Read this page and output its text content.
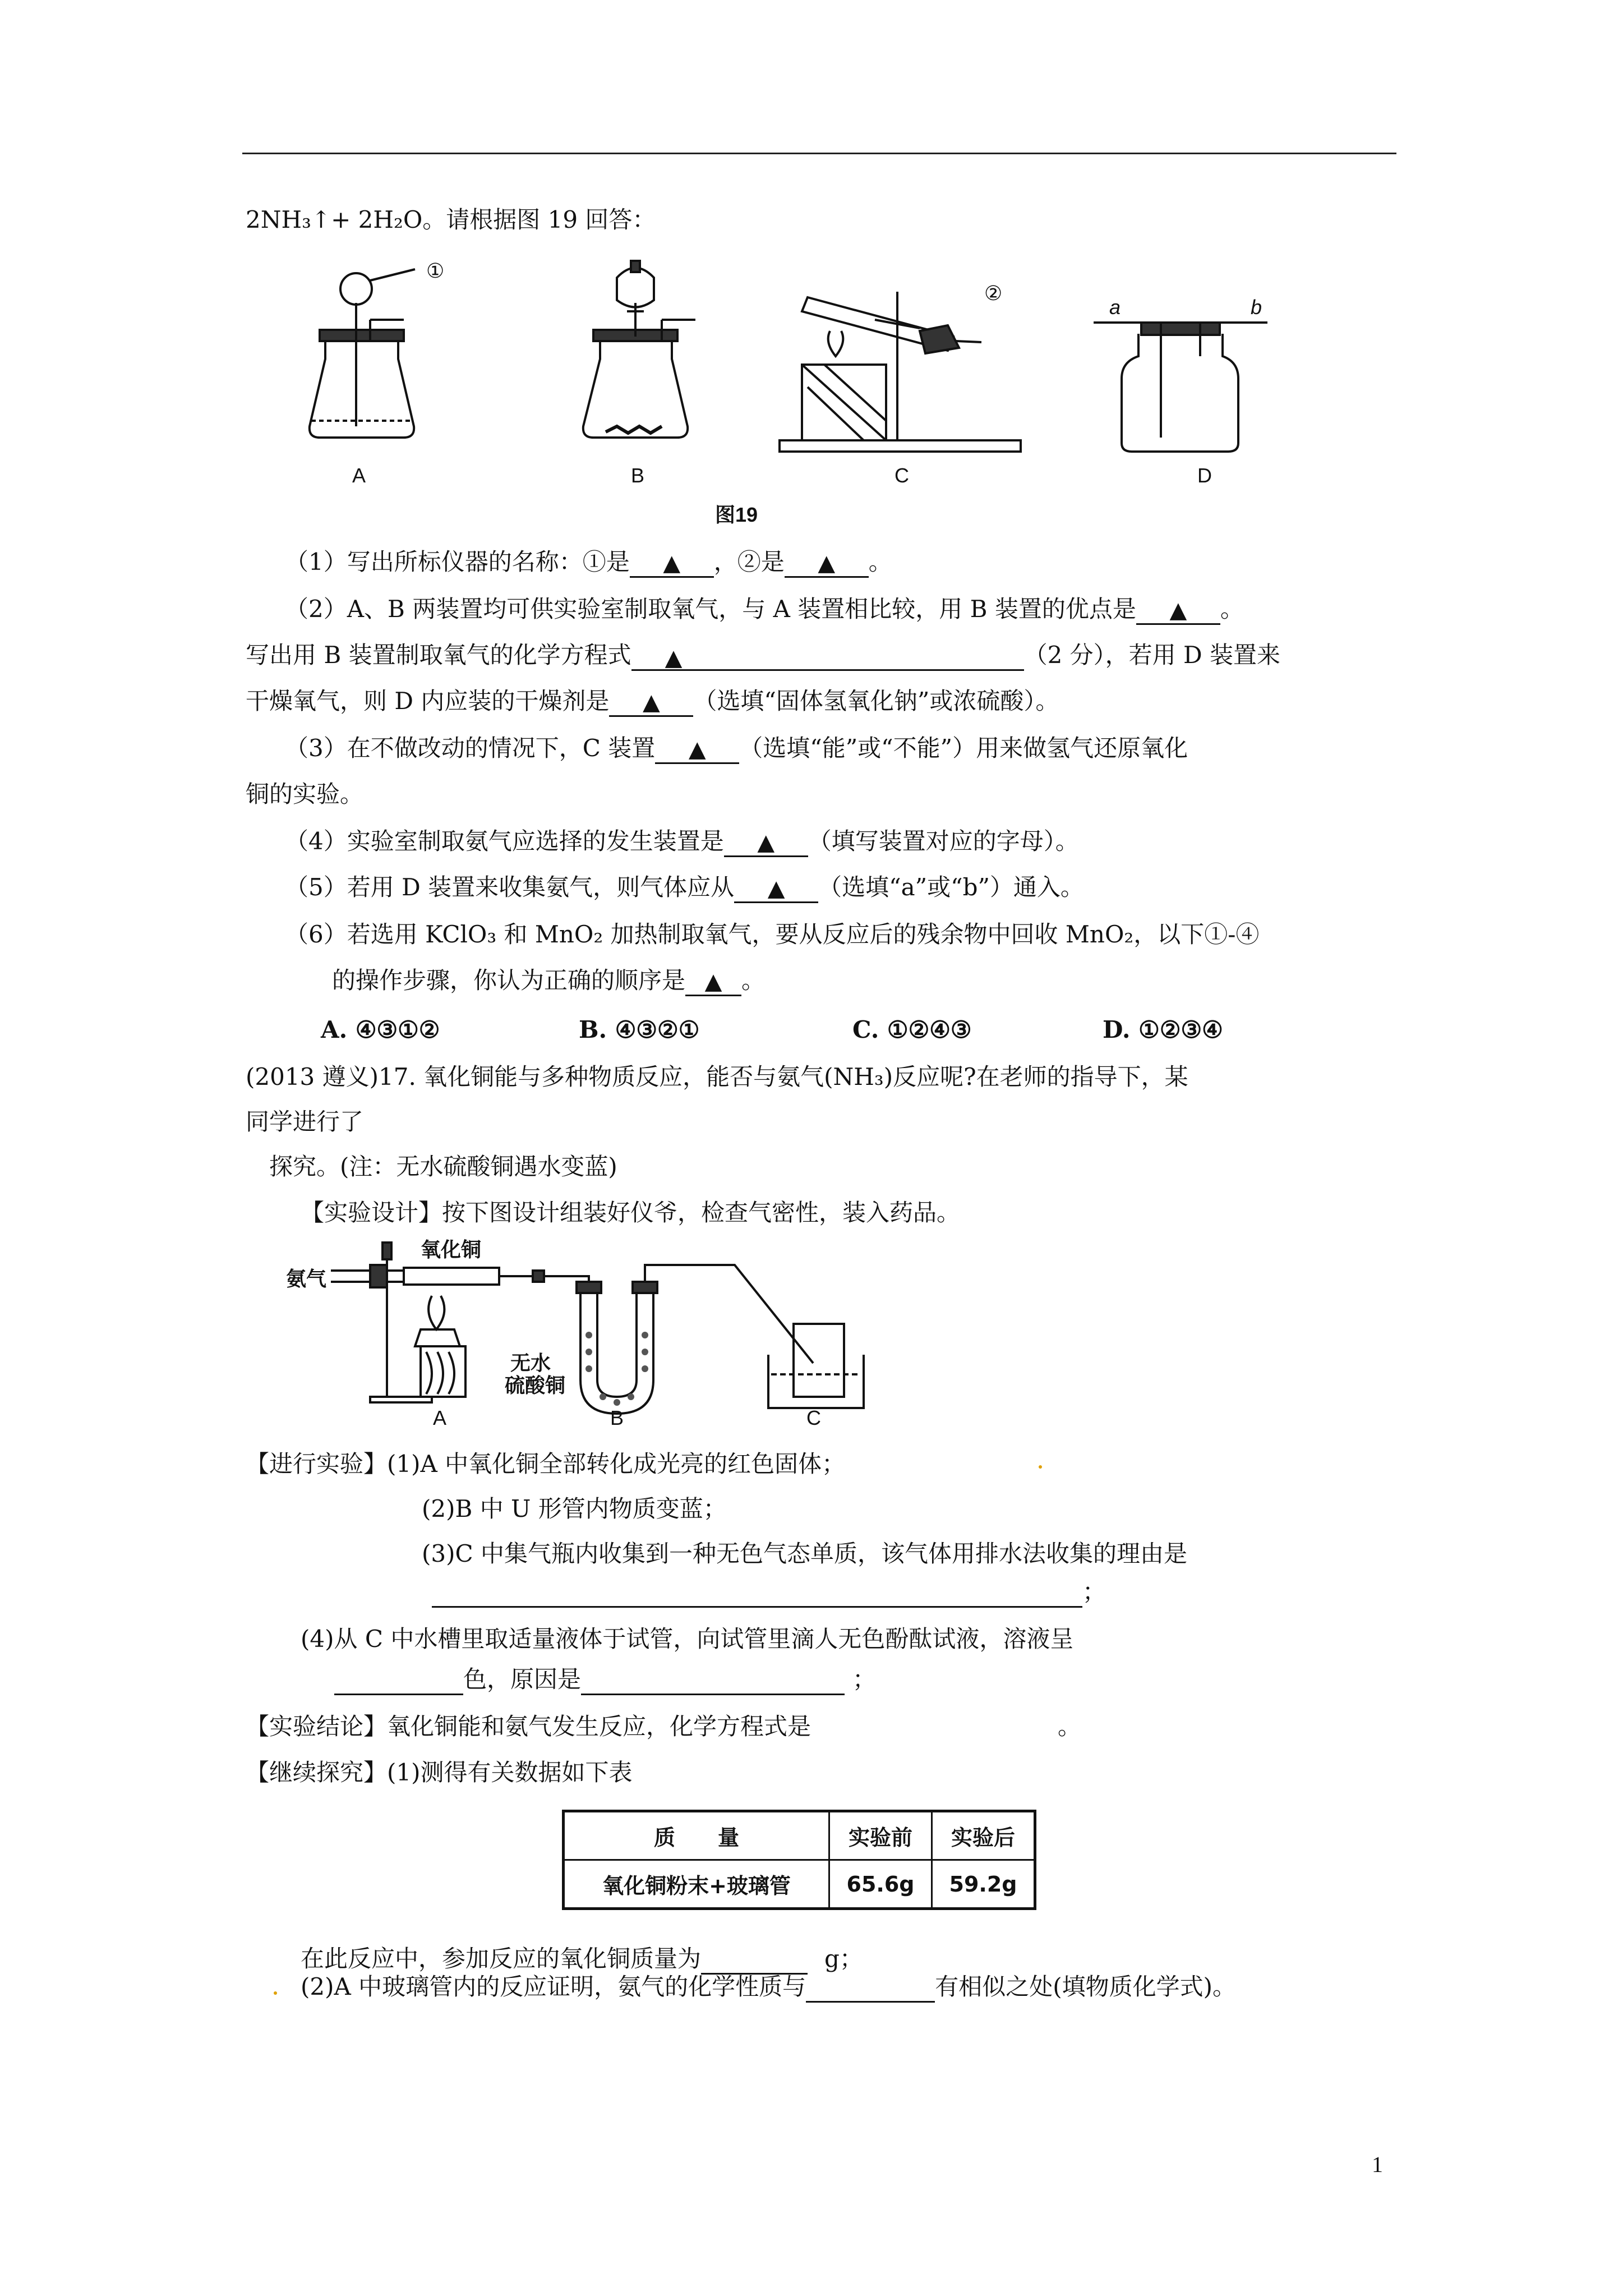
2NH₃↑+ 2H₂O。请根据图 19 回答：
①
②
a	b
A	B	C	D
图19
（1）写出所标仪器的名称：①是 ▲ ，②是 ▲ 。
（2）A、B 两装置均可供实验室制取氧气，与 A 装置相比较，用 B 装置的优点是 ▲ 。
写出用 B 装置制取氧气的化学方程式 ▲	（2 分），若用 D 装置来
干燥氧气，则 D 内应装的干燥剂是 ▲ （选填“固体氢氧化钠”或浓硫酸）。
（3）在不做改动的情况下，C 装置 ▲ （选填“能”或“不能”）用来做氢气还原氧化
铜的实验。
（4）实验室制取氨气应选择的发生装置是 ▲ （填写装置对应的字母）。
（5）若用 D 装置来收集氨气，则气体应从 ▲ （选填“a”或“b”）通入。
（6）若选用 KClO₃ 和 MnO₂ 加热制取氧气，要从反应后的残余物中回收 MnO₂，以下①-④
的操作步骤，你认为正确的顺序是 ▲ 。
A. ④③①②	B. ④③②①	C. ①②④③	D. ①②③④
(2013 遵义)17. 氧化铜能与多种物质反应，能否与氨气(NH₃)反应呢?在老师的指导下，某
同学进行了
探究。(注：无水硫酸铜遇水变蓝)
【实验设计】按下图设计组装好仪爷，检查气密性，装入药品。
氨气
氧化铜
无水
硫酸铜
A	B	C
【进行实验】(1)A 中氧化铜全部转化成光亮的红色固体；
(2)B 中 U 形管内物质变蓝；
(3)C 中集气瓶内收集到一种无色气态单质，该气体用排水法收集的理由是
；
(4)从 C 中水槽里取适量液体于试管，向试管里滴人无色酚酞试液，溶液呈
色，原因是	；
【实验结论】氧化铜能和氨气发生反应，化学方程式是	。
【继续探究】(1)测得有关数据如下表
质　　量	实验前	实验后
氧化铜粉末+玻璃管	65.6g	59.2g
在此反应中，参加反应的氧化铜质量为	g；
(2)A 中玻璃管内的反应证明，氨气的化学性质与	有相似之处(填物质化学式)。
1
